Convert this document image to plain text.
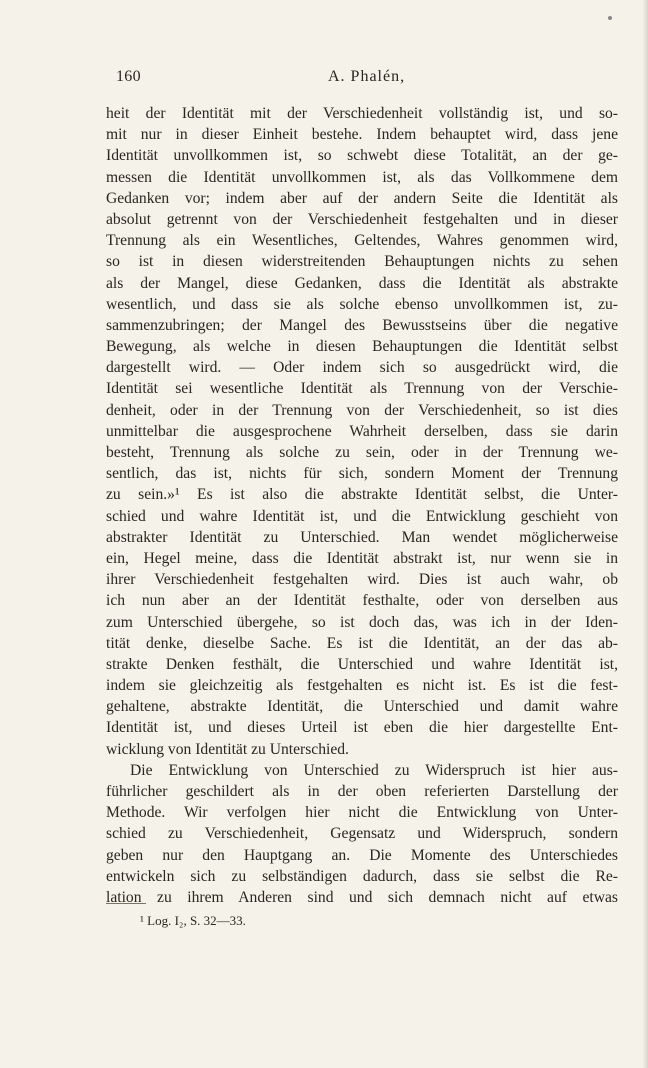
160	A. Phalén,
heit der Identität mit der Verschiedenheit vollständig ist, und so-
mit nur in dieser Einheit bestehe. Indem behauptet wird, dass jene
Identität unvollkommen ist, so schwebt diese Totalität, an der ge-
messen die Identität unvollkommen ist, als das Vollkommene dem
Gedanken vor; indem aber auf der andern Seite die Identität als
absolut getrennt von der Verschiedenheit festgehalten und in dieser
Trennung als ein Wesentliches, Geltendes, Wahres genommen wird,
so ist in diesen widerstreitenden Behauptungen nichts zu sehen
als der Mangel, diese Gedanken, dass die Identität als abstrakte
wesentlich, und dass sie als solche ebenso unvollkommen ist, zu-
sammenzubringen; der Mangel des Bewusstseins über die negative
Bewegung, als welche in diesen Behauptungen die Identität selbst
dargestellt wird. — Oder indem sich so ausgedrückt wird, die
Identität sei wesentliche Identität als Trennung von der Verschie-
denheit, oder in der Trennung von der Verschiedenheit, so ist dies
unmittelbar die ausgesprochene Wahrheit derselben, dass sie darin
besteht, Trennung als solche zu sein, oder in der Trennung we-
sentlich, das ist, nichts für sich, sondern Moment der Trennung
zu sein.»¹ Es ist also die abstrakte Identität selbst, die Unter-
schied und wahre Identität ist, und die Entwicklung geschieht von
abstrakter Identität zu Unterschied. Man wendet möglicherweise
ein, Hegel meine, dass die Identität abstrakt ist, nur wenn sie in
ihrer Verschiedenheit festgehalten wird. Dies ist auch wahr, ob
ich nun aber an der Identität festhalte, oder von derselben aus
zum Unterschied übergehe, so ist doch das, was ich in der Iden-
tität denke, dieselbe Sache. Es ist die Identität, an der das ab-
strakte Denken festhält, die Unterschied und wahre Identität ist,
indem sie gleichzeitig als festgehalten es nicht ist. Es ist die fest-
gehaltene, abstrakte Identität, die Unterschied und damit wahre
Identität ist, und dieses Urteil ist eben die hier dargestellte Ent-
wicklung von Identität zu Unterschied.
Die Entwicklung von Unterschied zu Widerspruch ist hier aus-
führlicher geschildert als in der oben referierten Darstellung der
Methode. Wir verfolgen hier nicht die Entwicklung von Unter-
schied zu Verschiedenheit, Gegensatz und Widerspruch, sondern
geben nur den Hauptgang an. Die Momente des Unterschiedes
entwickeln sich zu selbständigen dadurch, dass sie selbst die Re-
lation zu ihrem Anderen sind und sich demnach nicht auf etwas
¹ Log. I₂, S. 32—33.
